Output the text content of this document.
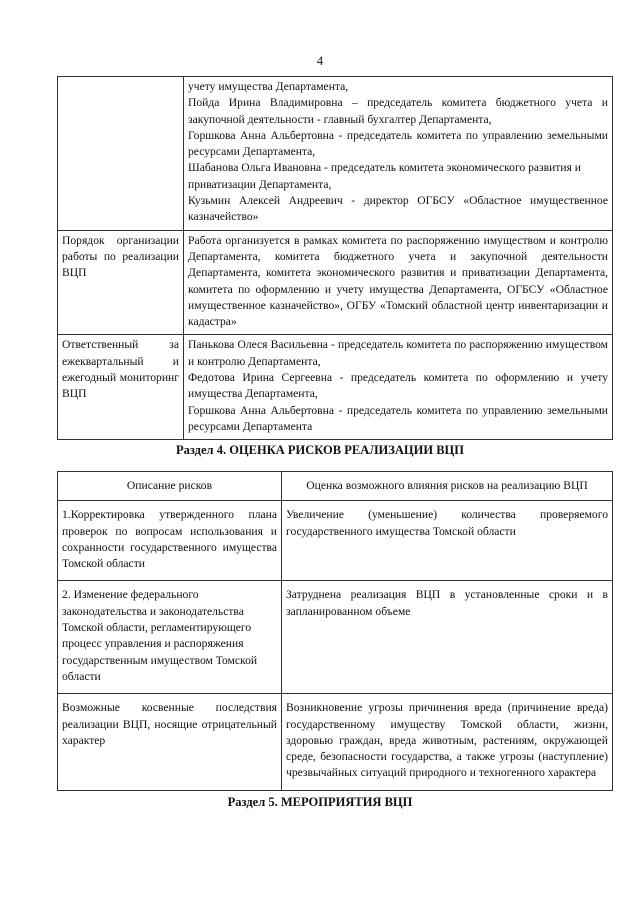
4

	учету имущества Департамента,
Пойда Ирина Владимировна – председатель комитета бюджетного учета и закупочной деятельности - главный бухгалтер Департамента,
Горшкова Анна Альбертовна - председатель комитета по управлению земельными ресурсами Департамента,
Шабанова Ольга Ивановна - председатель комитета экономического развития и приватизации Департамента,
Кузьмин Алексей Андреевич - директор ОГБСУ «Областное имущественное казначейство»

Порядок организации работы по реализации ВЦП	Работа организуется в рамках комитета по распоряжению имуществом и контролю Департамента, комитета бюджетного учета и закупочной деятельности Департамента, комитета экономического развития и приватизации Департамента, комитета по оформлению и учету имущества Департамента, ОГБСУ «Областное имущественное казначейство», ОГБУ «Томский областной центр инвентаризации и кадастра»

Ответственный за ежеквартальный и ежегодный мониторинг ВЦП	Панькова Олеся Васильевна - председатель комитета по распоряжению имуществом и контролю Департамента,
Федотова Ирина Сергеевна - председатель комитета по оформлению и учету имущества Департамента,
Горшкова Анна Альбертовна - председатель комитета по управлению земельными ресурсами Департамента
Раздел 4. ОЦЕНКА РИСКОВ РЕАЛИЗАЦИИ ВЦП
Описание рисков	Оценка возможного влияния рисков на реализацию ВЦП
1.Корректировка утвержденного плана проверок по вопросам использования и сохранности государственного имущества Томской области	Увеличение (уменьшение) количества проверяемого государственного имущества Томской области
2. Изменение федерального законодательства и законодательства Томской области, регламентирующего процесс управления и распоряжения государственным имуществом Томской области	Затруднена реализация ВЦП в установленные сроки и в запланированном объеме
Возможные косвенные последствия реализации ВЦП, носящие отрицательный характер	Возникновение угрозы причинения вреда (причинение вреда) государственному имуществу Томской области, жизни, здоровью граждан, вреда животным, растениям, окружающей среде, безопасности государства, а также угрозы (наступление) чрезвычайных ситуаций природного и техногенного характера
Раздел 5. МЕРОПРИЯТИЯ ВЦП
